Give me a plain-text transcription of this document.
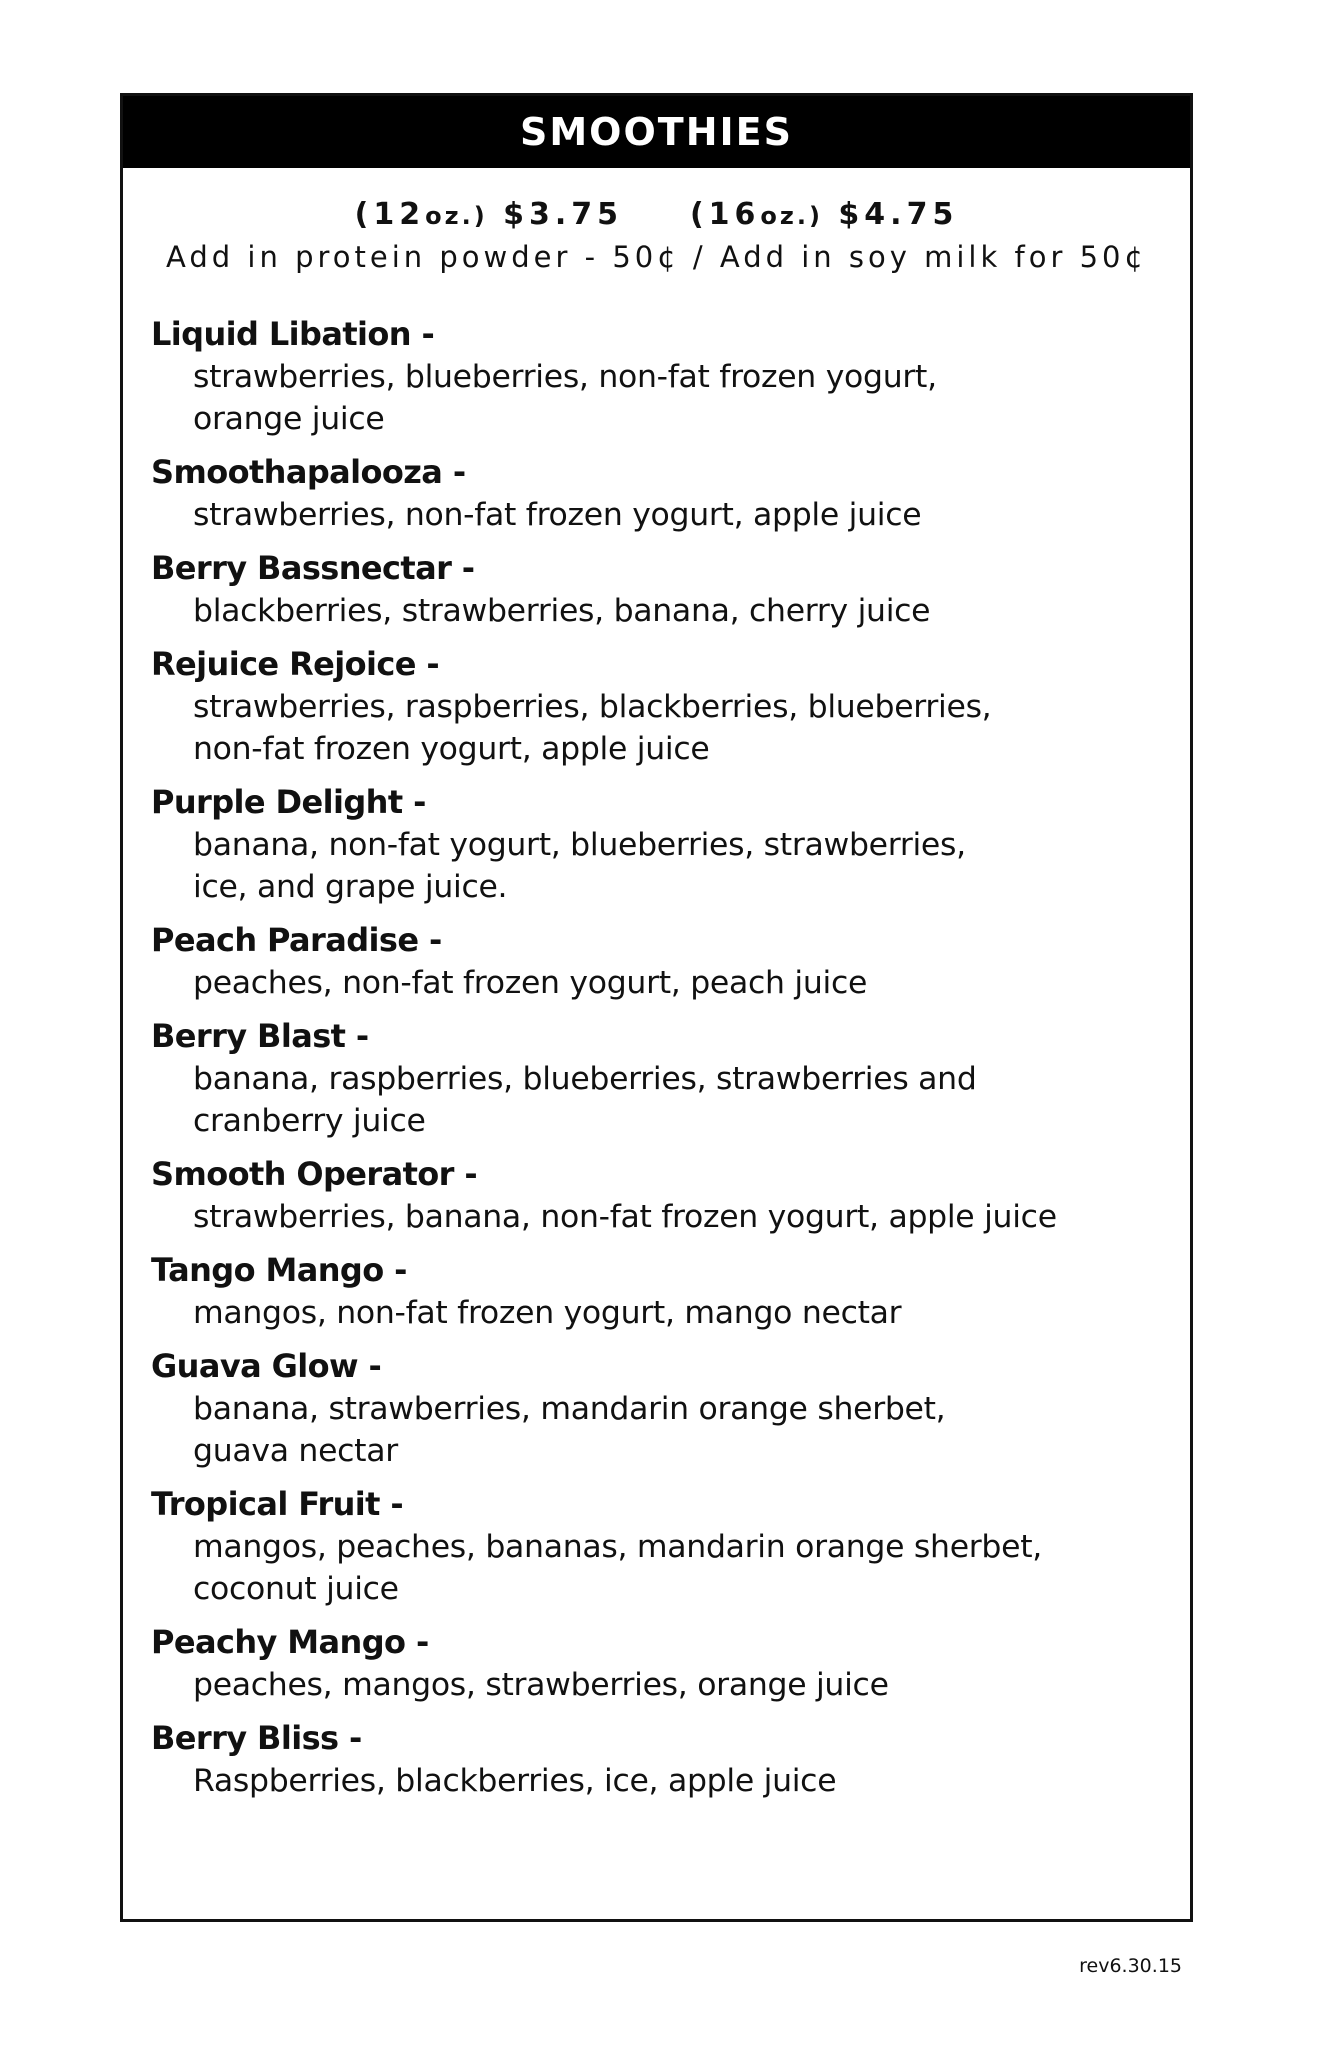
SMOOTHIES
(12oz.) $3.75 (16oz.) $4.75
Add in protein powder - 50¢ / Add in soy milk for 50¢
Liquid Libation -
strawberries, blueberries, non-fat frozen yogurt,
orange juice
Smoothapalooza -
strawberries, non-fat frozen yogurt, apple juice
Berry Bassnectar -
blackberries, strawberries, banana, cherry juice
Rejuice Rejoice -
strawberries, raspberries, blackberries, blueberries,
non-fat frozen yogurt, apple juice
Purple Delight -
banana, non-fat yogurt, blueberries, strawberries,
ice, and grape juice.
Peach Paradise -
peaches, non-fat frozen yogurt, peach juice
Berry Blast -
banana, raspberries, blueberries, strawberries and
cranberry juice
Smooth Operator -
strawberries, banana, non-fat frozen yogurt, apple juice
Tango Mango -
mangos, non-fat frozen yogurt, mango nectar
Guava Glow -
banana, strawberries, mandarin orange sherbet,
guava nectar
Tropical Fruit -
mangos, peaches, bananas, mandarin orange sherbet,
coconut juice
Peachy Mango -
peaches, mangos, strawberries, orange juice
Berry Bliss -
Raspberries, blackberries, ice, apple juice
rev6.30.15
